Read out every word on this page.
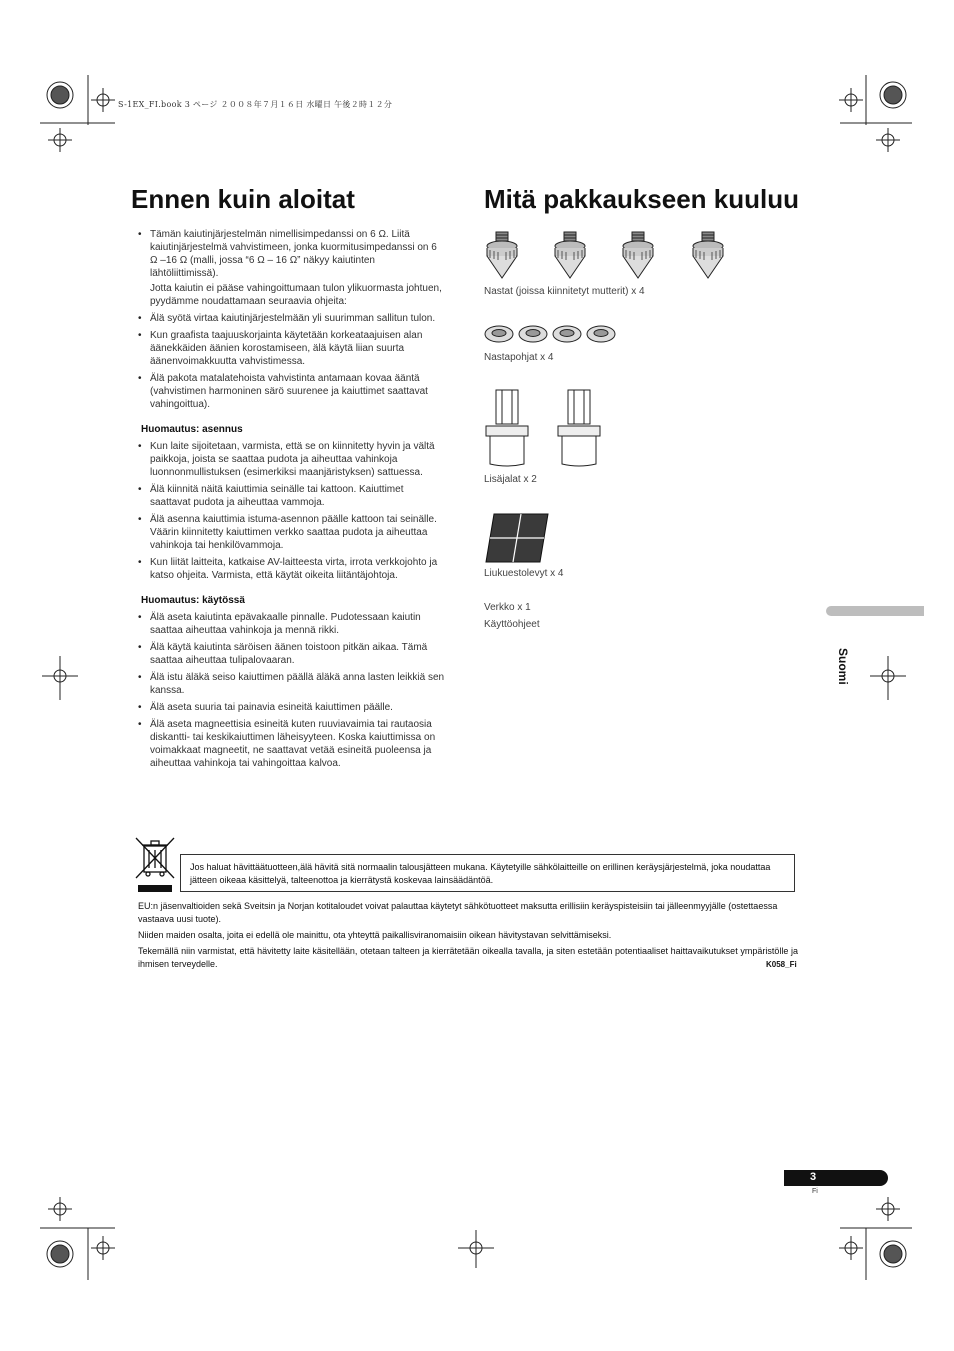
S-1EX_FI.book 3 ページ ２００８年７月１６日 水曜日 午後２時１２分
Ennen kuin aloitat	Mitä pakkaukseen kuuluu
• Tämän kaiutinjärjestelmän nimellisimpedanssi on 6 Ω. Liitä kaiutinjärjestelmä vahvistimeen, jonka kuormitusimpedanssi on 6 Ω –16 Ω (malli, jossa “6 Ω – 16 Ω” näkyy kaiutinten lähtöliittimissä).
Jotta kaiutin ei pääse vahingoittumaan tulon ylikuormasta johtuen, pyydämme noudattamaan seuraavia ohjeita:
• Älä syötä virtaa kaiutinjärjestelmään yli suurimman sallitun tulon.
• Kun graafista taajuuskorjainta käytetään korkeataajuisen alan äänekkäiden äänien korostamiseen, älä käytä liian suurta äänenvoimakkuutta vahvistimessa.
• Älä pakota matalatehoista vahvistinta antamaan kovaa ääntä (vahvistimen harmoninen särö suurenee ja kaiuttimet saattavat vahingoittua).
Huomautus: asennus
• Kun laite sijoitetaan, varmista, että se on kiinnitetty hyvin ja vältä paikkoja, joista se saattaa pudota ja aiheuttaa vahinkoja luonnonmullistuksen (esimerkiksi maanjäristyksen) sattuessa.
• Älä kiinnitä näitä kaiuttimia seinälle tai kattoon. Kaiuttimet saattavat pudota ja aiheuttaa vammoja.
• Älä asenna kaiuttimia istuma-asennon päälle kattoon tai seinälle. Väärin kiinnitetty kaiuttimen verkko saattaa pudota ja aiheuttaa vahinkoja tai henkilövammoja.
• Kun liität laitteita, katkaise AV-laitteesta virta, irrota verkkojohto ja katso ohjeita. Varmista, että käytät oikeita liitäntäjohtoja.
Huomautus: käytössä
• Älä aseta kaiutinta epävakaalle pinnalle. Pudotessaan kaiutin saattaa aiheuttaa vahinkoja ja mennä rikki.
• Älä käytä kaiutinta säröisen äänen toistoon pitkän aikaa. Tämä saattaa aiheuttaa tulipalovaaran.
• Älä istu äläkä seiso kaiuttimen päällä äläkä anna lasten leikkiä sen kanssa.
• Älä aseta suuria tai painavia esineitä kaiuttimen päälle.
• Älä aseta magneettisia esineitä kuten ruuviavaimia tai rautaosia diskantti- tai keskikaiuttimen läheisyyteen. Koska kaiuttimissa on voimakkaat magneetit, ne saattavat vetää esineitä puoleensa ja aiheuttaa vahinkoja tai vahingoittaa kalvoa.
Nastat (joissa kiinnitetyt mutterit) x 4
Nastapohjat x 4
Lisäjalat x 2
Liukuestolevyt x 4
Verkko x 1
Käyttöohjeet
Suomi
Jos haluat hävittäätuotteen,älä hävitä sitä normaalin talousjätteen mukana. Käytetyille sähkölaitteille on erillinen keräysjärjestelmä, joka noudattaa jätteen oikeaa käsittelyä, talteenottoa ja kierrätystä koskevaa lainsäädäntöä.
EU:n jäsenvaltioiden sekä Sveitsin ja Norjan kotitaloudet voivat palauttaa käytetyt sähkötuotteet maksutta erillisiin keräyspisteisiin tai jälleenmyyjälle (ostettaessa vastaava uusi tuote).
Niiden maiden osalta, joita ei edellä ole mainittu, ota yhteyttä paikallisviranomaisiin oikean hävitystavan selvittämiseksi.
Tekemällä niin varmistat, että hävitetty laite käsitellään, otetaan talteen ja kierrätetään oikealla tavalla, ja siten estetään potentiaaliset haittavaikutukset ympäristölle ja ihmisen terveydelle.	K058_Fi
3
Fi
